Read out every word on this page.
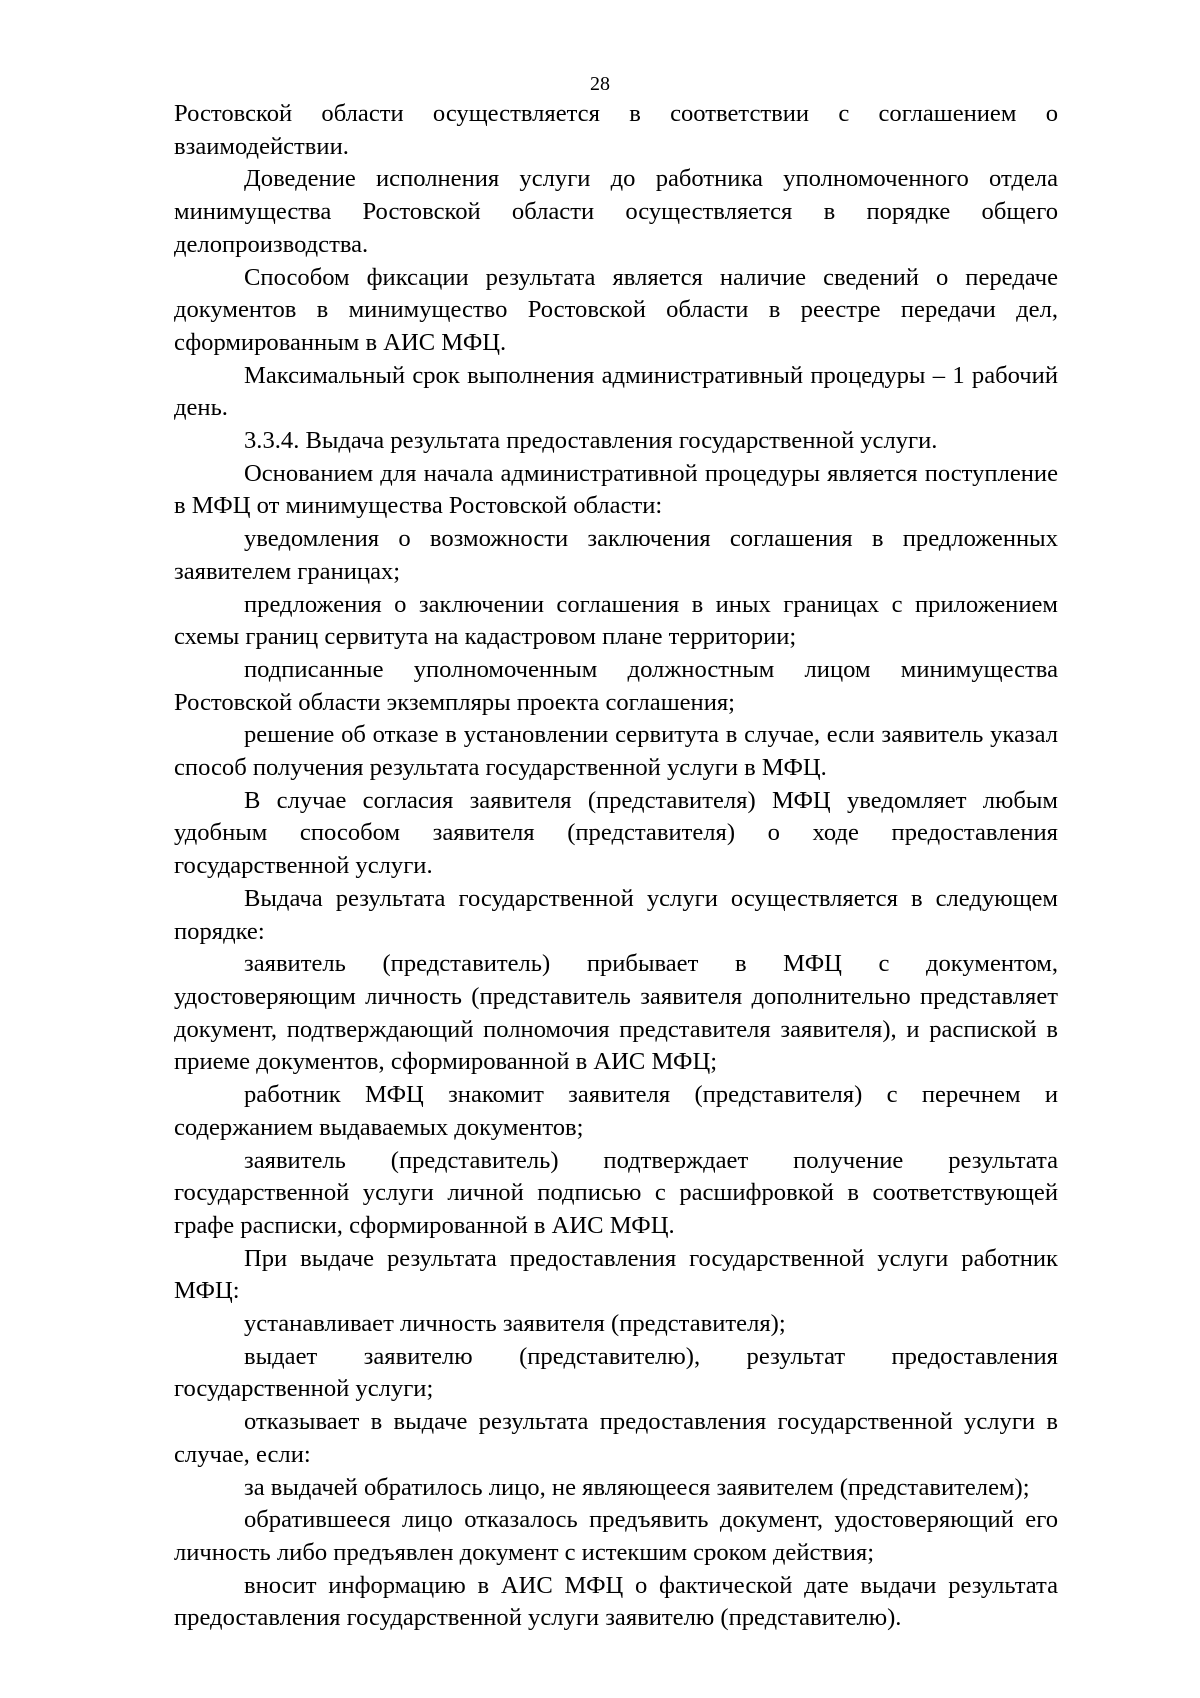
28

Ростовской области осуществляется в соответствии с соглашением о взаимодействии.

Доведение исполнения услуги до работника уполномоченного отдела минимущества Ростовской области осуществляется в порядке общего делопроизводства.

Способом фиксации результата является наличие сведений о передаче документов в минимущество Ростовской области в реестре передачи дел, сформированным в АИС МФЦ.

Максимальный срок выполнения административный процедуры – 1 рабочий день.

3.3.4. Выдача результата предоставления государственной услуги.

Основанием для начала административной процедуры является поступление в МФЦ от минимущества Ростовской области:

уведомления о возможности заключения соглашения в предложенных заявителем границах;

предложения о заключении соглашения в иных границах с приложением схемы границ сервитута на кадастровом плане территории;

подписанные уполномоченным должностным лицом минимущества Ростовской области экземпляры проекта соглашения;

решение об отказе в установлении сервитута в случае, если заявитель указал способ получения результата государственной услуги в МФЦ.

В случае согласия заявителя (представителя) МФЦ уведомляет любым удобным способом заявителя (представителя) о ходе предоставления государственной услуги.

Выдача результата государственной услуги осуществляется в следующем порядке:

заявитель (представитель) прибывает в МФЦ с документом, удостоверяющим личность (представитель заявителя дополнительно представляет документ, подтверждающий полномочия представителя заявителя), и распиской в приеме документов, сформированной в АИС МФЦ;

работник МФЦ знакомит заявителя (представителя) с перечнем и содержанием выдаваемых документов;

заявитель (представитель) подтверждает получение результата государственной услуги личной подписью с расшифровкой в соответствующей графе расписки, сформированной в АИС МФЦ.

При выдаче результата предоставления государственной услуги работник МФЦ:

устанавливает личность заявителя (представителя);

выдает заявителю (представителю), результат предоставления государственной услуги;

отказывает в выдаче результата предоставления государственной услуги в случае, если:

за выдачей обратилось лицо, не являющееся заявителем (представителем);

обратившееся лицо отказалось предъявить документ, удостоверяющий его личность либо предъявлен документ с истекшим сроком действия;

вносит информацию в АИС МФЦ о фактической дате выдачи результата предоставления государственной услуги заявителю (представителю).
